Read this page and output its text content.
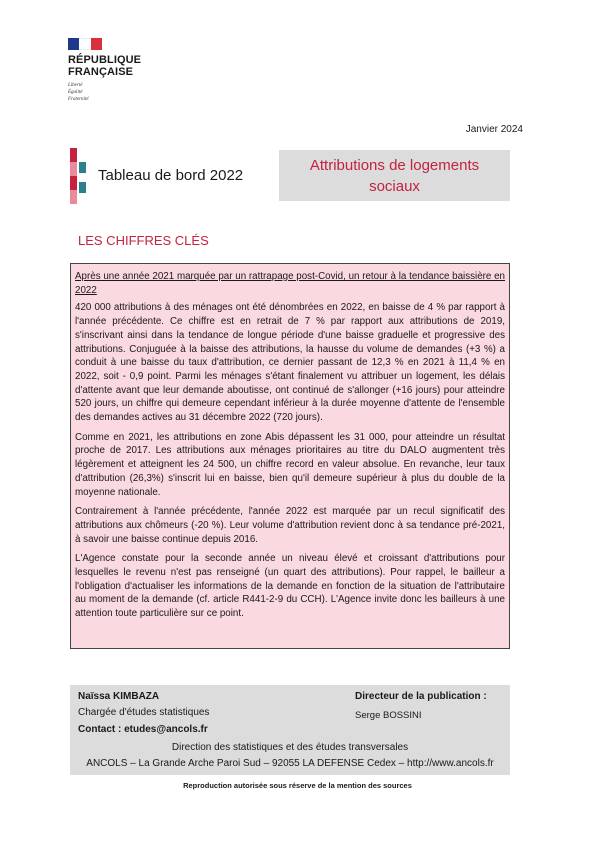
RÉPUBLIQUE
FRANÇAISE
Liberté
Égalité
Fraternité
Janvier 2024
Tableau de bord 2022
Attributions de logements
sociaux
LES CHIFFRES CLÉS

Après une année 2021 marquée par un rattrapage post-Covid, un retour à la tendance baissière en 2022

420 000 attributions à des ménages ont été dénombrées en 2022, en baisse de 4 % par rapport à l'année précédente. Ce chiffre est en retrait de 7 % par rapport aux attributions de 2019, s'inscrivant ainsi dans la tendance de longue période d'une baisse graduelle et progressive des attributions. Conjuguée à la baisse des attributions, la hausse du volume de demandes (+3 %) a conduit à une baisse du taux d'attribution, ce dernier passant de 12,3 % en 2021 à 11,4 % en 2022, soit - 0,9 point. Parmi les ménages s'étant finalement vu attribuer un logement, les délais d'attente avant que leur demande aboutisse, ont continué de s'allonger (+16 jours) pour atteindre 520 jours, un chiffre qui demeure cependant inférieur à la durée moyenne d'attente de l'ensemble des demandes actives au 31 décembre 2022 (720 jours).

Comme en 2021, les attributions en zone Abis dépassent les 31 000, pour atteindre un résultat proche de 2017. Les attributions aux ménages prioritaires au titre du DALO augmentent très légèrement et atteignent les 24 500, un chiffre record en valeur absolue. En revanche, leur taux d'attribution (26,3%) s'inscrit lui en baisse, bien qu'il demeure supérieur à plus du double de la moyenne nationale.

Contrairement à l'année précédente, l'année 2022 est marquée par un recul significatif des attributions aux chômeurs (-20 %). Leur volume d'attribution revient donc à sa tendance pré-2021, à savoir une baisse continue depuis 2016.

L'Agence constate pour la seconde année un niveau élevé et croissant d'attributions pour lesquelles le revenu n'est pas renseigné (un quart des attributions). Pour rappel, le bailleur a l'obligation d'actualiser les informations de la demande en fonction de la situation de l'attributaire au moment de la demande (cf. article R441-2-9 du CCH). L'Agence invite donc les bailleurs à une attention toute particulière sur ce point.

Naïssa KIMBAZA
Chargée d'études statistiques
Contact : etudes@ancols.fr
Directeur de la publication :
Serge BOSSINI
Direction des statistiques et des études transversales
ANCOLS – La Grande Arche Paroi Sud – 92055 LA DEFENSE Cedex – http://www.ancols.fr
Reproduction autorisée sous réserve de la mention des sources
